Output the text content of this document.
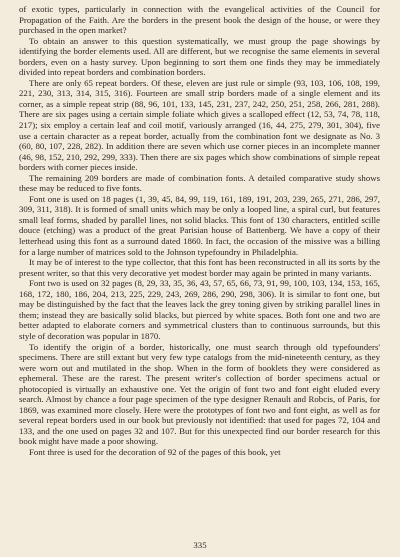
of exotic types, particularly in connection with the evangelical activities of the Council for Propagation of the Faith. Are the borders in the present book the design of the house, or were they purchased in the open market?

To obtain an answer to this question systematically, we must group the page showings by identifying the border elements used. All are different, but we recognise the same elements in several borders, even on a hasty survey. Upon beginning to sort them one finds they may be immediately divided into repeat borders and combination borders.

There are only 65 repeat borders. Of these, eleven are just rule or simple (93, 103, 106, 108, 199, 221, 230, 313, 314, 315, 316). Fourteen are small strip borders made of a single element and its corner, as a simple repeat strip (88, 96, 101, 133, 145, 231, 237, 242, 250, 251, 258, 266, 281, 288). There are six pages using a certain simple foliate which gives a scalloped effect (12, 53, 74, 78, 118, 217); six employ a certain leaf and coil motif, variously arranged (16, 44, 275, 279, 301, 304), five use a certain character as a repeat border, actually from the combination font we designate as No. 3 (60, 80, 107, 228, 282). In addition there are seven which use corner pieces in an incomplete manner (46, 98, 152, 210, 292, 299, 333). Then there are six pages which show combinations of simple repeat borders with corner pieces inside.

The remaining 209 borders are made of combination fonts. A detailed comparative study shows these may be reduced to five fonts.

Font one is used on 18 pages (1, 39, 45, 84, 99, 119, 161, 189, 191, 203, 239, 265, 271, 286, 297, 309, 311, 318). It is formed of small units which may be only a looped line, a spiral curl, but features small leaf forms, shaded by parallel lines, not solid blacks. This font of 130 characters, entitled scille douce (etching) was a product of the great Parisian house of Battenberg. We have a copy of their letterhead using this font as a surround dated 1860. In fact, the occasion of the missive was a billing for a large number of matrices sold to the Johnson typefoundry in Philadelphia.

It may be of interest to the type collector, that this font has been reconstructed in all its sorts by the present writer, so that this very decorative yet modest border may again be printed in many variants.

Font two is used on 32 pages (8, 29, 33, 35, 36, 43, 57, 65, 66, 73, 91, 99, 100, 103, 134, 153, 165, 168, 172, 180, 186, 204, 213, 225, 229, 243, 269, 286, 290, 298, 306). It is similar to font one, but may be distinguished by the fact that the leaves lack the grey toning given by striking parallel lines in them; instead they are basically solid blacks, but pierced by white spaces. Both font one and two are better adapted to elaborate corners and symmetrical clusters than to continuous surrounds, but this style of decoration was popular in 1870.

To identify the origin of a border, historically, one must search through old typefounders' specimens. There are still extant but very few type catalogs from the mid-nineteenth century, as they were worn out and mutilated in the shop. When in the form of booklets they were considered as ephemeral. These are the rarest. The present writer's collection of border specimens actual or photocopied is virtually an exhaustive one. Yet the origin of font two and font eight eluded every search. Almost by chance a four page specimen of the type designer Renault and Robcis, of Paris, for 1869, was examined more closely. Here were the prototypes of font two and font eight, as well as for several repeat borders used in our book but previously not identified: that used for pages 72, 104 and 133, and the one used on pages 32 and 107. But for this unexpected find our border research for this book might have made a poor showing.

Font three is used for the decoration of 92 of the pages of this book, yet

335
